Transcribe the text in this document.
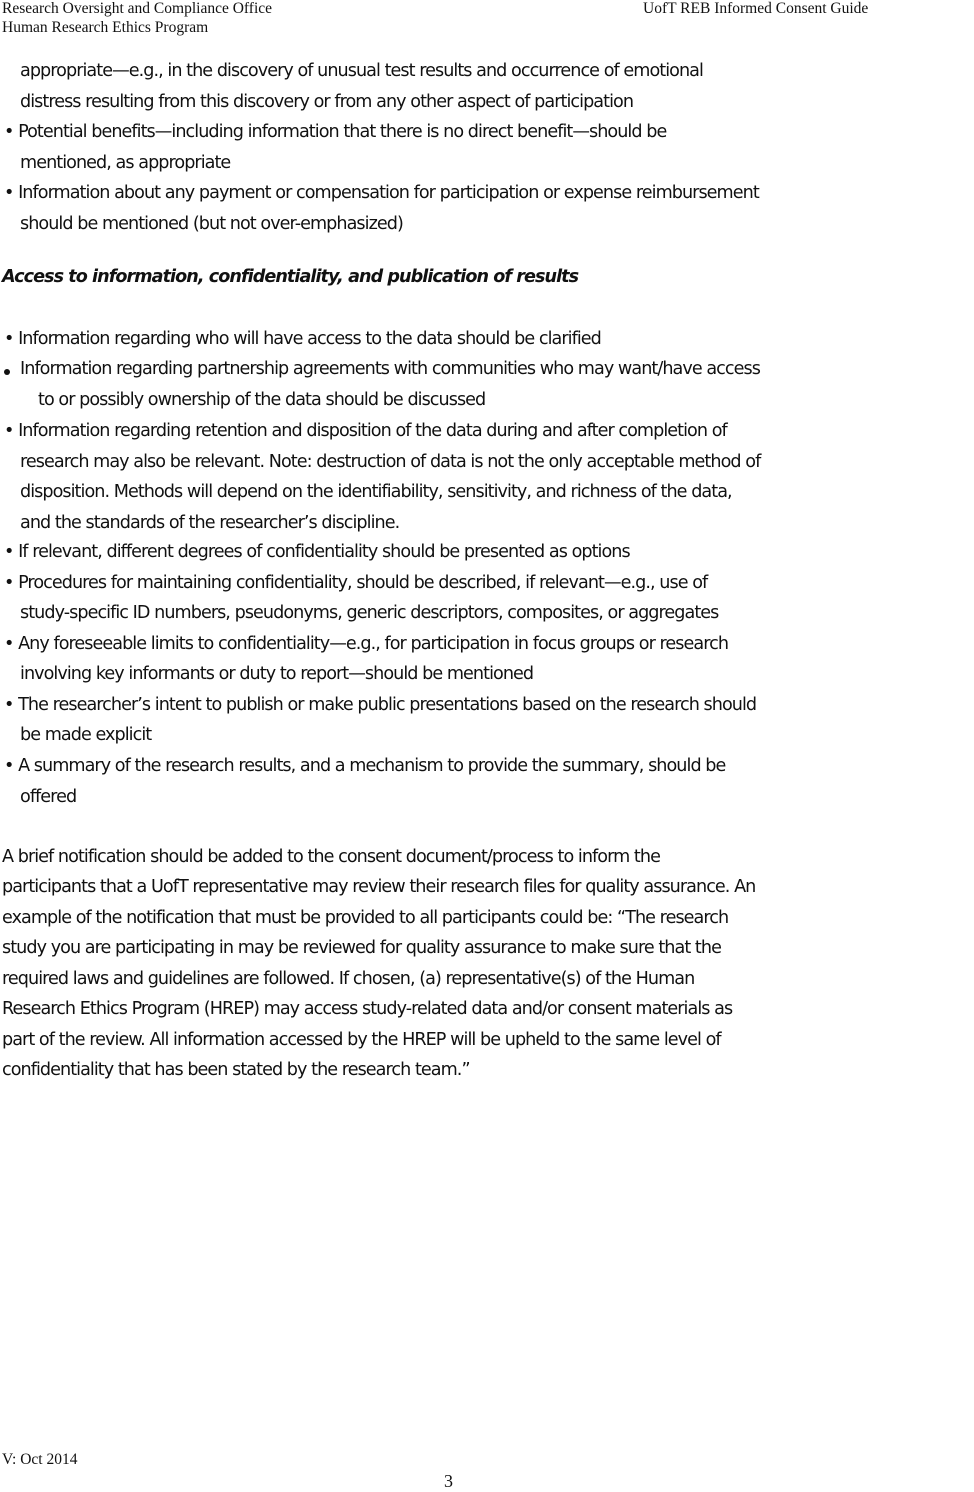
Research Oversight and Compliance Office
Human Research Ethics Program
UofT REB Informed Consent Guide
appropriate—e.g., in the discovery of unusual test results and occurrence of emotional
distress resulting from this discovery or from any other aspect of participation
• Potential benefits—including information that there is no direct benefit—should be
mentioned, as appropriate
• Information about any payment or compensation for participation or expense reimbursement
should be mentioned (but not over-emphasized)
Access to information, confidentiality, and publication of results
• Information regarding who will have access to the data should be clarified
Information regarding partnership agreements with communities who may want/have access
to or possibly ownership of the data should be discussed
• Information regarding retention and disposition of the data during and after completion of
research may also be relevant. Note: destruction of data is not the only acceptable method of
disposition. Methods will depend on the identifiability, sensitivity, and richness of the data,
and the standards of the researcher’s discipline.
• If relevant, different degrees of confidentiality should be presented as options
• Procedures for maintaining confidentiality, should be described, if relevant—e.g., use of
study-specific ID numbers, pseudonyms, generic descriptors, composites, or aggregates
• Any foreseeable limits to confidentiality—e.g., for participation in focus groups or research
involving key informants or duty to report—should be mentioned
• The researcher’s intent to publish or make public presentations based on the research should
be made explicit
• A summary of the research results, and a mechanism to provide the summary, should be
offered
A brief notification should be added to the consent document/process to inform the
participants that a UofT representative may review their research files for quality assurance. An
example of the notification that must be provided to all participants could be: “The research
study you are participating in may be reviewed for quality assurance to make sure that the
required laws and guidelines are followed. If chosen, (a) representative(s) of the Human
Research Ethics Program (HREP) may access study-related data and/or consent materials as
part of the review. All information accessed by the HREP will be upheld to the same level of
confidentiality that has been stated by the research team.”
V: Oct 2014
3
